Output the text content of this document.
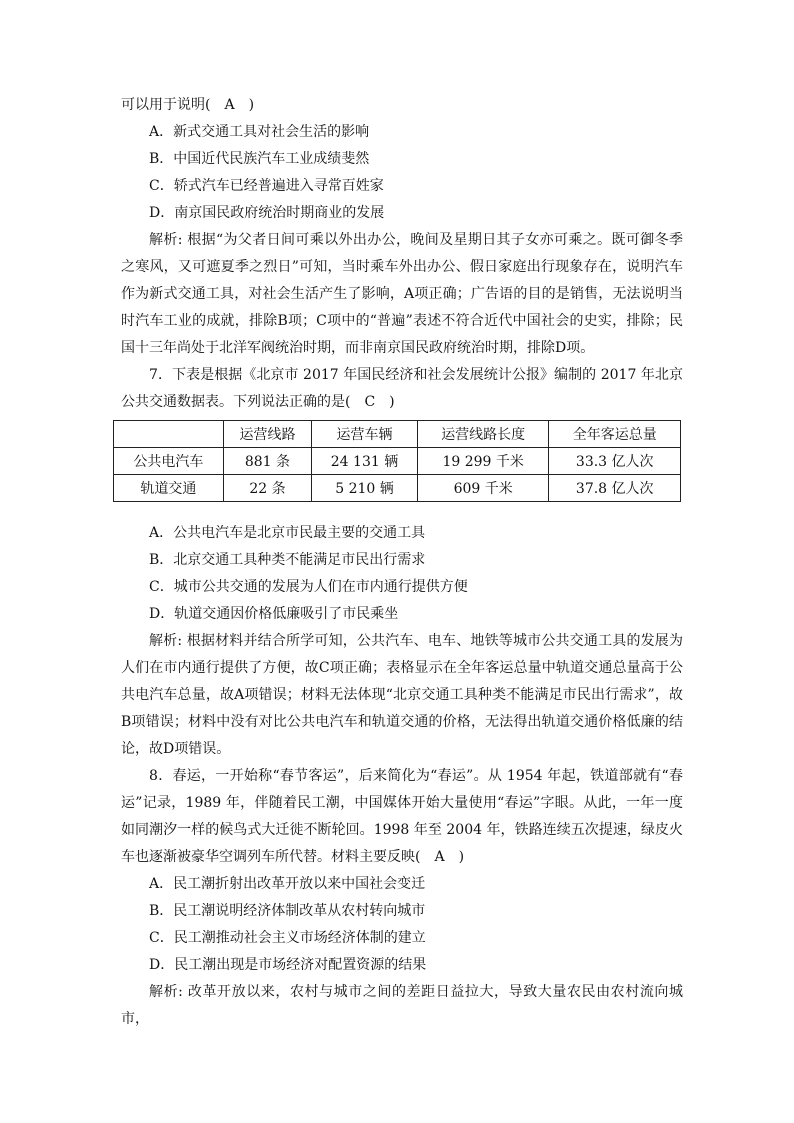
可以用于说明(　A　)
A．新式交通工具对社会生活的影响
B．中国近代民族汽车工业成绩斐然
C．轿式汽车已经普遍进入寻常百姓家
D．南京国民政府统治时期商业的发展
解析: 根据“为父者日间可乘以外出办公，晚间及星期日其子女亦可乘之。既可御冬季之寒风，又可遮夏季之烈日”可知，当时乘车外出办公、假日家庭出行现象存在，说明汽车作为新式交通工具，对社会生活产生了影响，A项正确；广告语的目的是销售，无法说明当时汽车工业的成就，排除B项；C项中的“普遍”表述不符合近代中国社会的史实，排除；民国十三年尚处于北洋军阀统治时期，而非南京国民政府统治时期，排除D项。
7．下表是根据《北京市 2017 年国民经济和社会发展统计公报》编制的 2017 年北京公共交通数据表。下列说法正确的是(　C　)
	运营线路	运营车辆	运营线路长度	全年客运总量
公共电汽车	881 条	24 131 辆	19 299 千米	33.3 亿人次
轨道交通	22 条	5 210 辆	609 千米	37.8 亿人次
A．公共电汽车是北京市民最主要的交通工具
B．北京交通工具种类不能满足市民出行需求
C．城市公共交通的发展为人们在市内通行提供方便
D．轨道交通因价格低廉吸引了市民乘坐
解析: 根据材料并结合所学可知，公共汽车、电车、地铁等城市公共交通工具的发展为人们在市内通行提供了方便，故C项正确；表格显示在全年客运总量中轨道交通总量高于公共电汽车总量，故A项错误；材料无法体现“北京交通工具种类不能满足市民出行需求”，故B项错误；材料中没有对比公共电汽车和轨道交通的价格，无法得出轨道交通价格低廉的结论，故D项错误。
8．春运，一开始称“春节客运”，后来简化为“春运”。从 1954 年起，铁道部就有“春运”记录，1989 年，伴随着民工潮，中国媒体开始大量使用“春运”字眼。从此，一年一度如同潮汐一样的候鸟式大迁徙不断轮回。1998 年至 2004 年，铁路连续五次提速，绿皮火车也逐渐被豪华空调列车所代替。材料主要反映(　A　)
A．民工潮折射出改革开放以来中国社会变迁
B．民工潮说明经济体制改革从农村转向城市
C．民工潮推动社会主义市场经济体制的建立
D．民工潮出现是市场经济对配置资源的结果
解析: 改革开放以来，农村与城市之间的差距日益拉大，导致大量农民由农村流向城市，
